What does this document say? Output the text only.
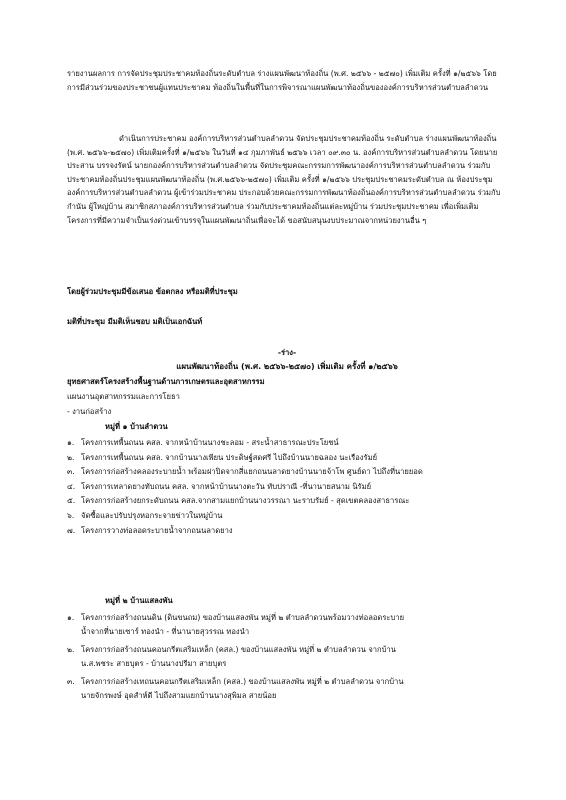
รายงานผลการ การจัดประชุมประชาคมท้องถิ่นระดับตำบล ร่างแผนพัฒนาท้องถิ่น (พ.ศ. ๒๕๖๖ - ๒๕๗๐) เพิ่มเติม ครั้งที่ ๑/๒๕๖๖ โดยการมีส่วนร่วมของประชาชนผู้แทนประชาคม ท้องถิ่นในพื้นที่ในการพิจารณาแผนพัฒนาท้องถิ่นขององค์การบริหารส่วนตำบลลำดวน

ดำเนินการประชาคม องค์การบริหารส่วนตำบลลำดวน จัดประชุมประชาคมท้องถิ่น ระดับตำบล ร่างแผนพัฒนาท้องถิ่น (พ.ศ. ๒๕๖๖-๒๕๗๐) เพิ่มเติมครั้งที่ ๑/๒๕๖๖ ในวันที่ ๑๔ กุมภาพันธ์ ๒๕๖๖ เวลา ๐๙.๓๐ น. องค์การบริหารส่วนตำบลลำดวน โดยนายประสาน บรรจงรัตน์ นายกองค์การบริหารส่วนตำบลลำดวน จัดประชุมคณะกรรมการพัฒนาองค์การบริหารส่วนตำบลลำดวน ร่วมกับประชาคมท้องถิ่นประชุมแผนพัฒนาท้องถิ่น (พ.ศ.๒๕๖๖-๒๕๗๐) เพิ่มเติม ครั้งที่ ๑/๒๕๖๖ ประชุมประชาคมระดับตำบล ณ ห้องประชุมองค์การบริหารส่วนตำบลลำดวน ผู้เข้าร่วมประชาคม ประกอบด้วยคณะกรรมการพัฒนาท้องถิ่นองค์การบริหารส่วนตำบลลำดวน ร่วมกับกำนัน ผู้ใหญ่บ้าน สมาชิกสภาองค์การบริหารส่วนตำบล ร่วมกับประชาคมท้องถิ่นแต่ละหมู่บ้าน ร่วมประชุมประชาคม เพื่อเพิ่มเติมโครงการที่มีความจำเป็นเร่งด่วนเข้าบรรจุในแผนพัฒนาถิ่นเพื่อจะได้ ขอสนับสนุนงบประมาณจากหน่วยงานอื่น ๆ

โดยผู้ร่วมประชุมมีข้อเสนอ ข้อตกลง หรือมติที่ประชุม
มติที่ประชุม มีมติเห็นชอบ มติเป็นเอกฉันท์
-ร่าง-
แผนพัฒนาท้องถิ่น (พ.ศ. ๒๕๖๖-๒๕๗๐) เพิ่มเติม ครั้งที่ ๑/๒๕๖๖
ยุทธศาสตร์โครงสร้างพื้นฐานด้านการเกษตรและอุตสาหกรรม
แผนงานอุตสาหกรรมและการโยธา
- งานก่อสร้าง
หมู่ที่ ๑ บ้านลำดวน
๑. โครงการเทพื้นถนน คสล. จากหน้าบ้านนางชะลอม - สระน้ำสาธารณะประโยชน์
๒. โครงการเทพื้นถนน คสล. จากบ้านนางเพียน ประดิษฐ์สดศรี ไปถึงบ้านนายฉลอง นะเรืองรัมย์
๓. โครงการก่อสร้างคลองระบายน้ำ พร้อมฝาปิดจากสี่แยกถนนลาดยางบ้านนายจ้าโพ ศูนย์ดา ไปถึงที่นายยอด
๔. โครงการเทลาดยางทับถนน คสล. จากหน้าบ้านนางตะวัน ทับปราณี -ที่นานายสนาม นิรัมย์
๕. โครงการก่อสร้างยกระดับถนน คสล.จากสามแยกบ้านนางวรรณา นะราบรัมย์ - สุดเขตคลองสาธารณะ
๖. จัดซื้อและปรับปรุงหอกระจายข่าวในหมู่บ้าน
๗. โครงการวางท่อลอดระบายน้ำจากถนนลาดยาง
หมู่ที่ ๒ บ้านแสลงพัน
๑. โครงการก่อสร้างถนนดิน (ดินขนถม) ของบ้านแสลงพัน หมู่ที่ ๒ ตำบลลำดวนพร้อมวางท่อลอดระบาย
น้ำจากที่นายเซาร์ ทองนำ - ที่นานายสุวรรณ ทองนำ
๒. โครงการก่อสร้างถนนคอนกรีตเสริมเหล็ก (คสล.) ของบ้านแสลงพัน หมู่ที่ ๒ ตำบลลำดวน จากบ้าน
น.ส.พชระ สายบุตร - บ้านนางปรีมา สายบุตร
๓. โครงการก่อสร้างเทถนนคอนกรีตเสริมเหล็ก (คสล.) ของบ้านแสลงพัน หมู่ที่ ๒ ตำบลลำดวน จากบ้าน
นายจักรพงษ์ อุดสำห์ดี ไปถึงสามแยกบ้านนางสุพิมล สายน้อย
